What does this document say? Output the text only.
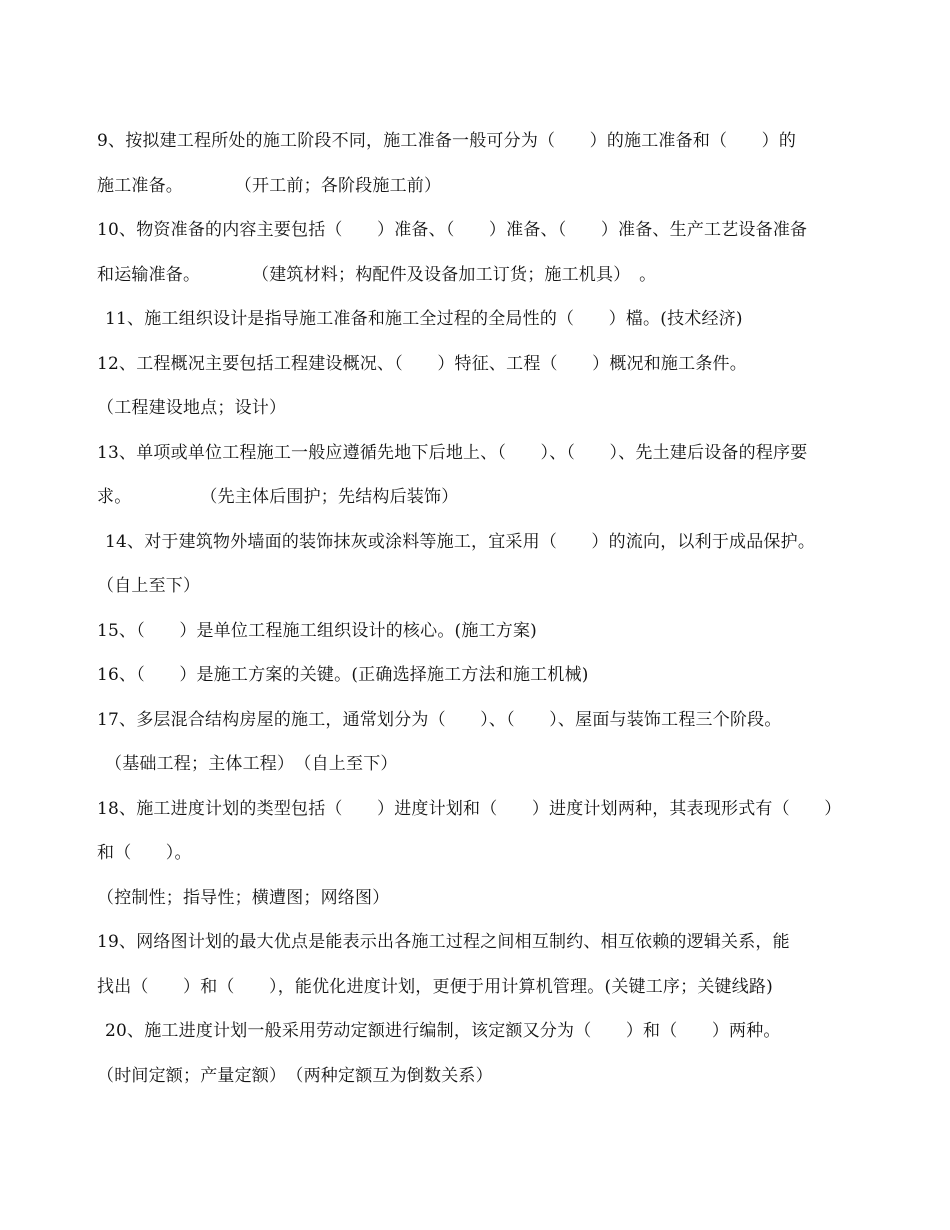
9、按拟建工程所处的施工阶段不同，施工准备一般可分为（　　）的施工准备和（　　）的
施工准备。　　　　（开工前；各阶段施工前）
10、物资准备的内容主要包括（　　）准备、（　　）准备、（　　）准备、生产工艺设备准备
和运输准备。　　　　（建筑材料；构配件及设备加工订货；施工机具）　。
11、施工组织设计是指导施工准备和施工全过程的全局性的（　　）檔。(技术经济)
12、工程概况主要包括工程建设概况、（　　）特征、工程（　　）概况和施工条件。
（工程建设地点；设计）
13、单项或单位工程施工一般应遵循先地下后地上、（　　）、（　　）、先土建后设备的程序要
求。　　　　　（先主体后围护；先结构后装饰）
14、对于建筑物外墙面的装饰抹灰或涂料等施工，宜采用（　　）的流向，以利于成品保护。
（自上至下）
15、（　　）是单位工程施工组织设计的核心。(施工方案)
16、（　　）是施工方案的关键。(正确选择施工方法和施工机械)
17、多层混合结构房屋的施工，通常划分为（　　）、（　　）、屋面与装饰工程三个阶段。
（基础工程；主体工程）　（自上至下）
18、施工进度计划的类型包括（　　）进度计划和（　　）进度计划两种，其表现形式有（　　）
和（　　）。
（控制性；指导性；横遭图；网络图）
19、网络图计划的最大优点是能表示出各施工过程之间相互制约、相互依赖的逻辑关系，能
找出（　　）和（　　），能优化进度计划，更便于用计算机管理。(关键工序；关键线路)
20、施工进度计划一般采用劳动定额进行编制，该定额又分为（　　）和（　　）两种。
（时间定额；产量定额）　（两种定额互为倒数关系）
